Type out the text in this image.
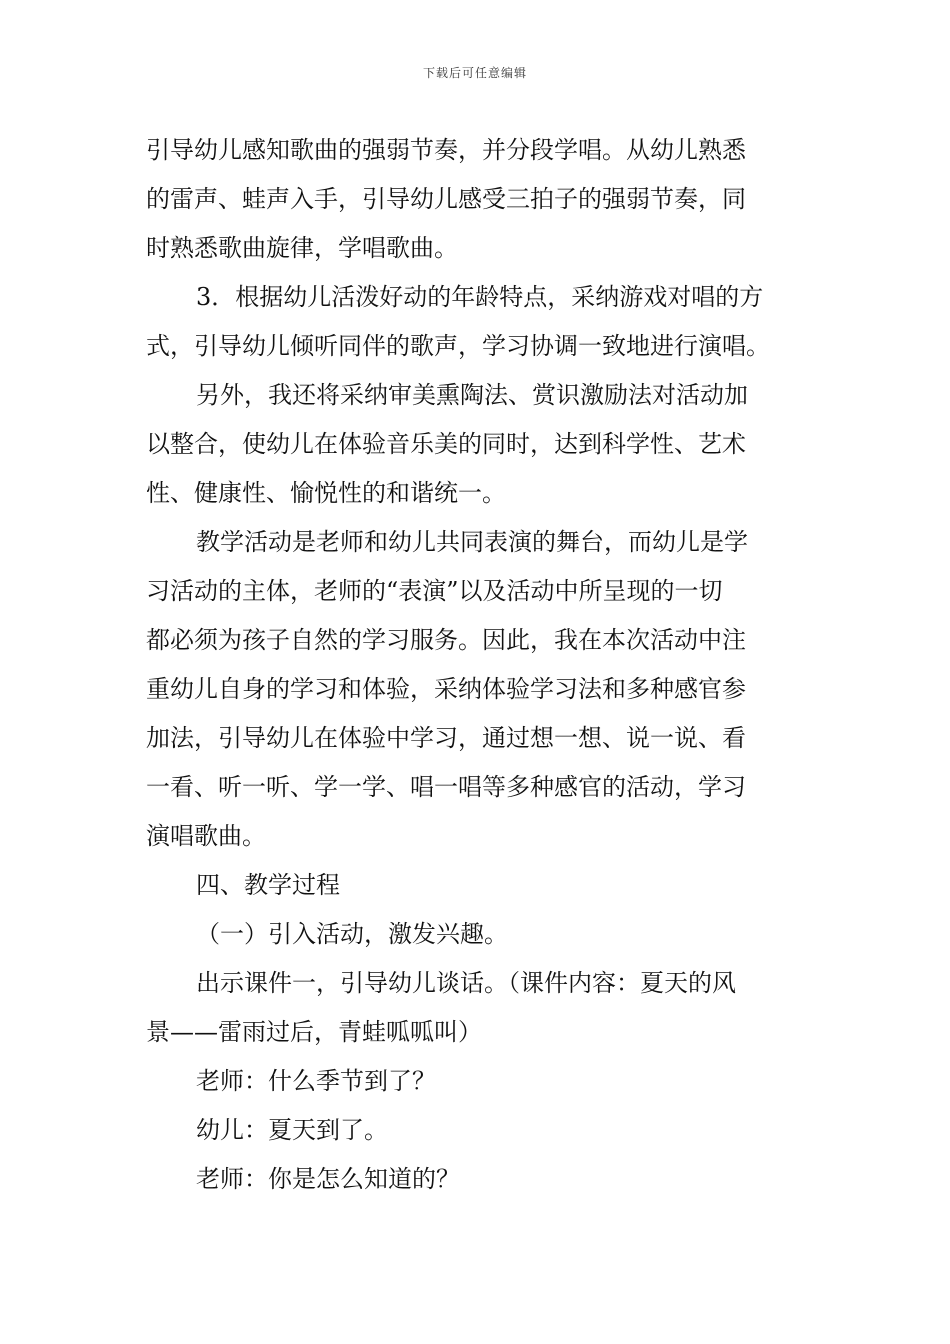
下载后可任意编辑
引导幼儿感知歌曲的强弱节奏，并分段学唱。从幼儿熟悉
的雷声、蛙声入手，引导幼儿感受三拍子的强弱节奏，同
时熟悉歌曲旋律，学唱歌曲。
3．根据幼儿活泼好动的年龄特点，采纳游戏对唱的方
式，引导幼儿倾听同伴的歌声，学习协调一致地进行演唱。
另外，我还将采纳审美熏陶法、赏识激励法对活动加
以整合，使幼儿在体验音乐美的同时，达到科学性、艺术
性、健康性、愉悦性的和谐统一。
教学活动是老师和幼儿共同表演的舞台，而幼儿是学
习活动的主体，老师的“表演”以及活动中所呈现的一切
都必须为孩子自然的学习服务。因此，我在本次活动中注
重幼儿自身的学习和体验，采纳体验学习法和多种感官参
加法，引导幼儿在体验中学习，通过想一想、说一说、看
一看、听一听、学一学、唱一唱等多种感官的活动，学习
演唱歌曲。
四、教学过程
（一）引入活动，激发兴趣。
出示课件一，引导幼儿谈话。（课件内容：夏天的风
景——雷雨过后，青蛙呱呱叫）
老师：什么季节到了？
幼儿：夏天到了。
老师：你是怎么知道的？
